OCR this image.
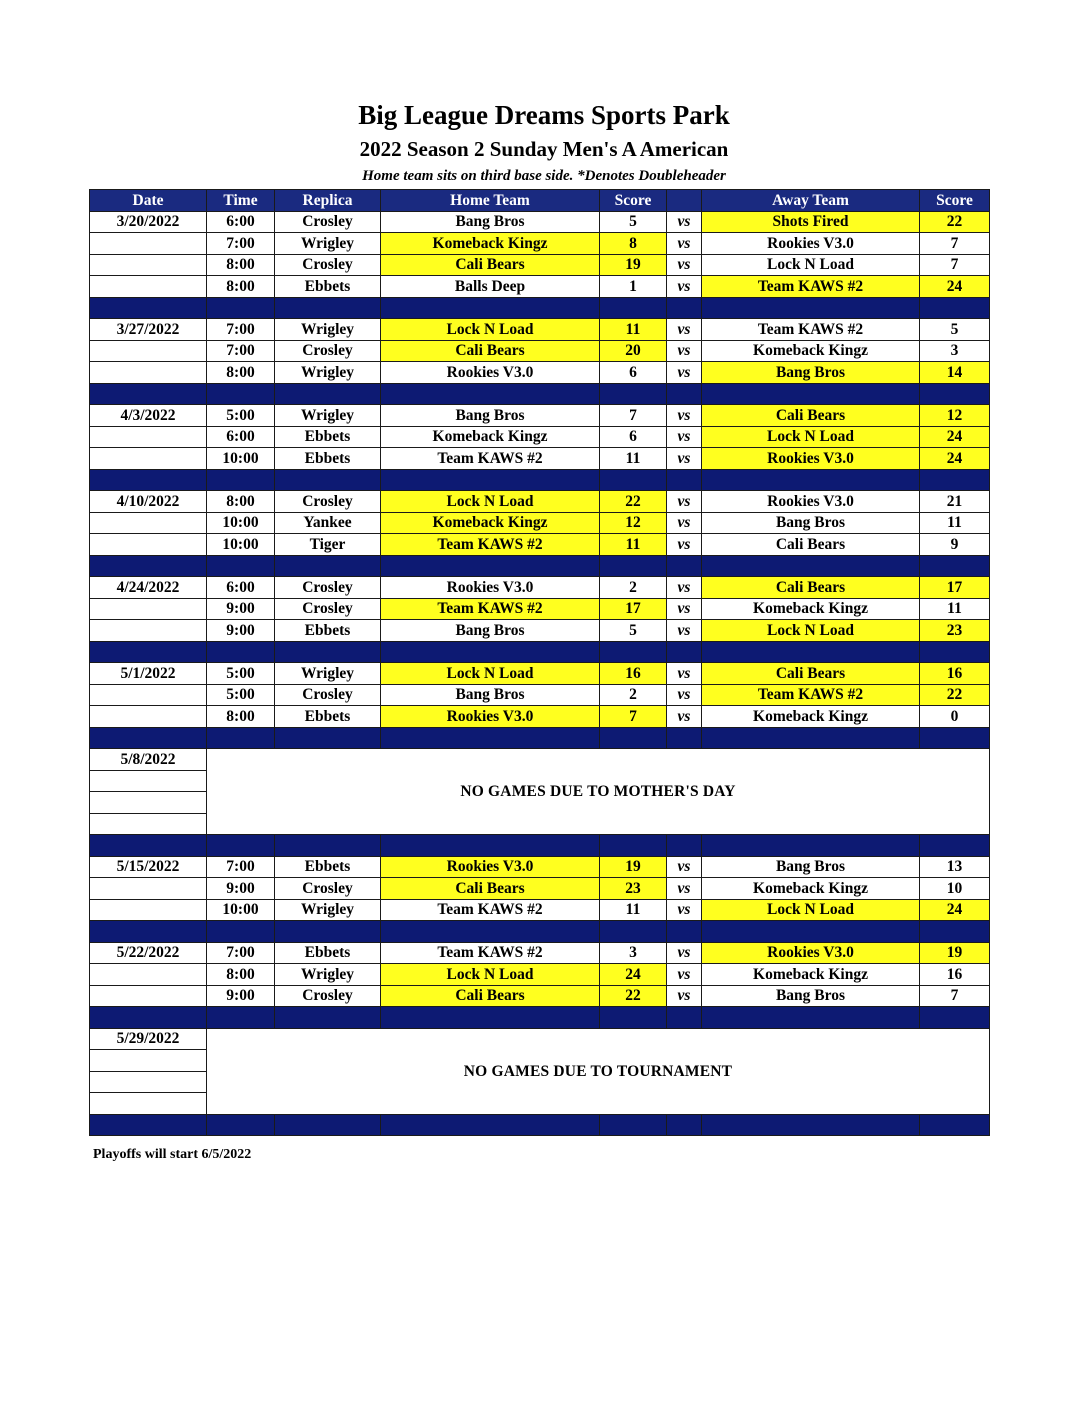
Big League Dreams Sports Park
2022 Season 2 Sunday Men's A American
Home team sits on third base side. *Denotes Doubleheader
Date	Time	Replica	Home Team	Score		Away Team	Score
3/20/2022	6:00	Crosley	Bang Bros	5	vs	Shots Fired	22
	7:00	Wrigley	Komeback Kingz	8	vs	Rookies V3.0	7
	8:00	Crosley	Cali Bears	19	vs	Lock N Load	7
	8:00	Ebbets	Balls Deep	1	vs	Team KAWS #2	24

3/27/2022	7:00	Wrigley	Lock N Load	11	vs	Team KAWS #2	5
	7:00	Crosley	Cali Bears	20	vs	Komeback Kingz	3
	8:00	Wrigley	Rookies V3.0	6	vs	Bang Bros	14

4/3/2022	5:00	Wrigley	Bang Bros	7	vs	Cali Bears	12
	6:00	Ebbets	Komeback Kingz	6	vs	Lock N Load	24
	10:00	Ebbets	Team KAWS #2	11	vs	Rookies V3.0	24

4/10/2022	8:00	Crosley	Lock N Load	22	vs	Rookies V3.0	21
	10:00	Yankee	Komeback Kingz	12	vs	Bang Bros	11
	10:00	Tiger	Team KAWS #2	11	vs	Cali Bears	9

4/24/2022	6:00	Crosley	Rookies V3.0	2	vs	Cali Bears	17
	9:00	Crosley	Team KAWS #2	17	vs	Komeback Kingz	11
	9:00	Ebbets	Bang Bros	5	vs	Lock N Load	23

5/1/2022	5:00	Wrigley	Lock N Load	16	vs	Cali Bears	16
	5:00	Crosley	Bang Bros	2	vs	Team KAWS #2	22
	8:00	Ebbets	Rookies V3.0	7	vs	Komeback Kingz	0

5/8/2022	NO GAMES DUE TO MOTHER'S DAY						

5/15/2022	7:00	Ebbets	Rookies V3.0	19	vs	Bang Bros	13
	9:00	Crosley	Cali Bears	23	vs	Komeback Kingz	10
	10:00	Wrigley	Team KAWS #2	11	vs	Lock N Load	24

5/22/2022	7:00	Ebbets	Team KAWS #2	3	vs	Rookies V3.0	19
	8:00	Wrigley	Lock N Load	24	vs	Komeback Kingz	16
	9:00	Crosley	Cali Bears	22	vs	Bang Bros	7

5/29/2022	NO GAMES DUE TO TOURNAMENT						

Playoffs will start 6/5/2022
